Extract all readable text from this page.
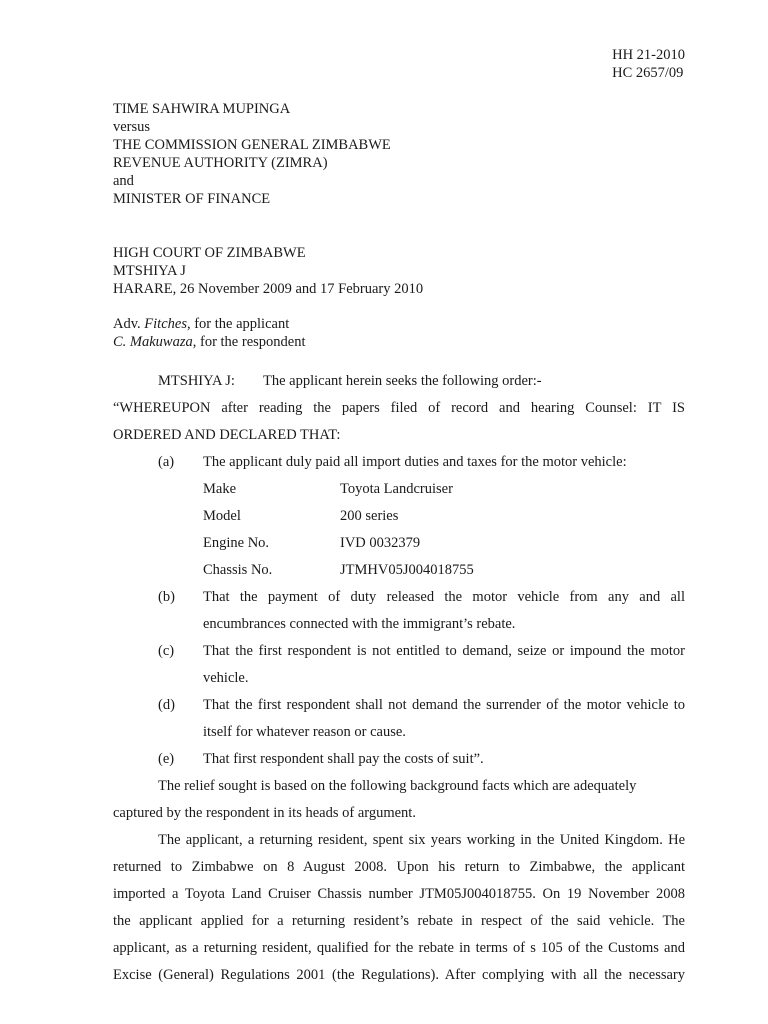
HH 21-2010
HC 2657/09
TIME SAHWIRA MUPINGA
versus
THE COMMISSION GENERAL ZIMBABWE
REVENUE AUTHORITY (ZIMRA)
and
MINISTER OF FINANCE
HIGH COURT OF ZIMBABWE
MTSHIYA J
HARARE, 26 November 2009 and 17 February 2010
Adv. Fitches, for the applicant
C. Makuwaza, for the respondent
MTSHIYA J:	The applicant herein seeks the following order:-
“WHEREUPON after reading the papers filed of record and hearing Counsel: IT IS
ORDERED AND DECLARED THAT:
(a)	The applicant duly paid all import duties and taxes for the motor vehicle:
Make	Toyota Landcruiser
Model	200 series
Engine No.	IVD 0032379
Chassis No.	JTMHV05J004018755
(b)	That the payment of duty released the motor vehicle from any and all
encumbrances connected with the immigrant’s rebate.
(c)	That the first respondent is not entitled to demand, seize or impound the motor
vehicle.
(d)	That the first respondent shall not demand the surrender of the motor vehicle to
itself for whatever reason or cause.
(e)	That first respondent shall pay the costs of suit”.
The relief sought is based on the following background facts which are adequately
captured by the respondent in its heads of argument.
The applicant, a returning resident, spent six years working in the United Kingdom. He
returned to Zimbabwe on 8 August 2008. Upon his return to Zimbabwe, the applicant
imported a Toyota Land Cruiser Chassis number JTM05J004018755. On 19 November 2008
the applicant applied for a returning resident’s rebate in respect of the said vehicle. The
applicant, as a returning resident, qualified for the rebate in terms of s 105 of the Customs and
Excise (General) Regulations 2001 (the Regulations). After complying with all the necessary
